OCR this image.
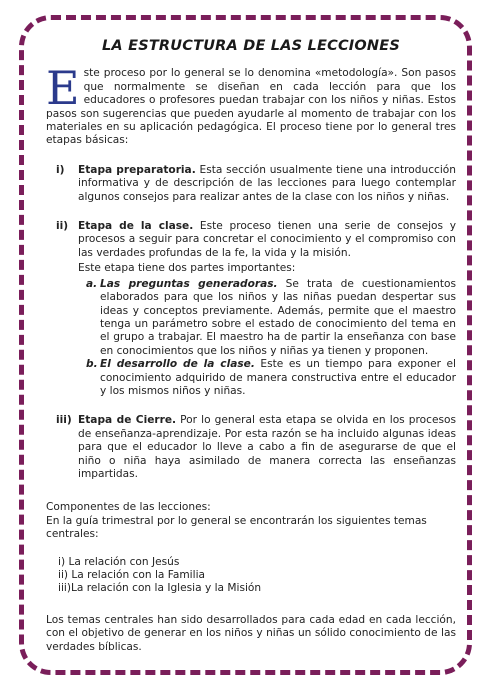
LA ESTRUCTURA DE LAS LECCIONES
Este proceso por lo general se lo denomina «metodología». Son pasos que normalmente se diseñan en cada lección para que los educadores o profesores puedan trabajar con los niños y niñas. Estos pasos son sugerencias que pueden ayudarle al momento de trabajar con los materiales en su aplicación pedagógica. El proceso tiene por lo general tres etapas básicas:
i)	Etapa preparatoria. Esta sección usualmente tiene una introducción informativa y de descripción de las lecciones para luego contemplar algunos consejos para realizar antes de la clase con los niños y niñas.
ii) Etapa de la clase. Este proceso tienen una serie de consejos y procesos a seguir para concretar el conocimiento y el compromiso con las verdades profundas de la fe, la vida y la misión.
Este etapa tiene dos partes importantes:
a. Las preguntas generadoras. Se trata de cuestionamientos elaborados para que los niños y las niñas puedan despertar sus ideas y conceptos previamente. Además, permite que el maestro tenga un parámetro sobre el estado de conocimiento del tema en el grupo a trabajar. El maestro ha de partir la enseñanza con base en conocimientos que los niños y niñas ya tienen y proponen.
b. El desarrollo de la clase. Este es un tiempo para exponer el conocimiento adquirido de manera constructiva entre el educador y los mismos niños y niñas.
iii) Etapa de Cierre. Por lo general esta etapa se olvida en los procesos de enseñanza-aprendizaje. Por esta razón se ha incluido algunas ideas para que el educador lo lleve a cabo a fin de asegurarse de que el niño o niña haya asimilado de manera correcta las enseñanzas impartidas.
Componentes de las lecciones:
En la guía trimestral por lo general se encontrarán los siguientes temas centrales:
i) La relación con Jesús
ii) La relación con la Familia
iii)La relación con la Iglesia y la Misión
Los temas centrales han sido desarrollados para cada edad en cada lección, con el objetivo de generar en los niños y niñas un sólido conocimiento de las verdades bíblicas.
